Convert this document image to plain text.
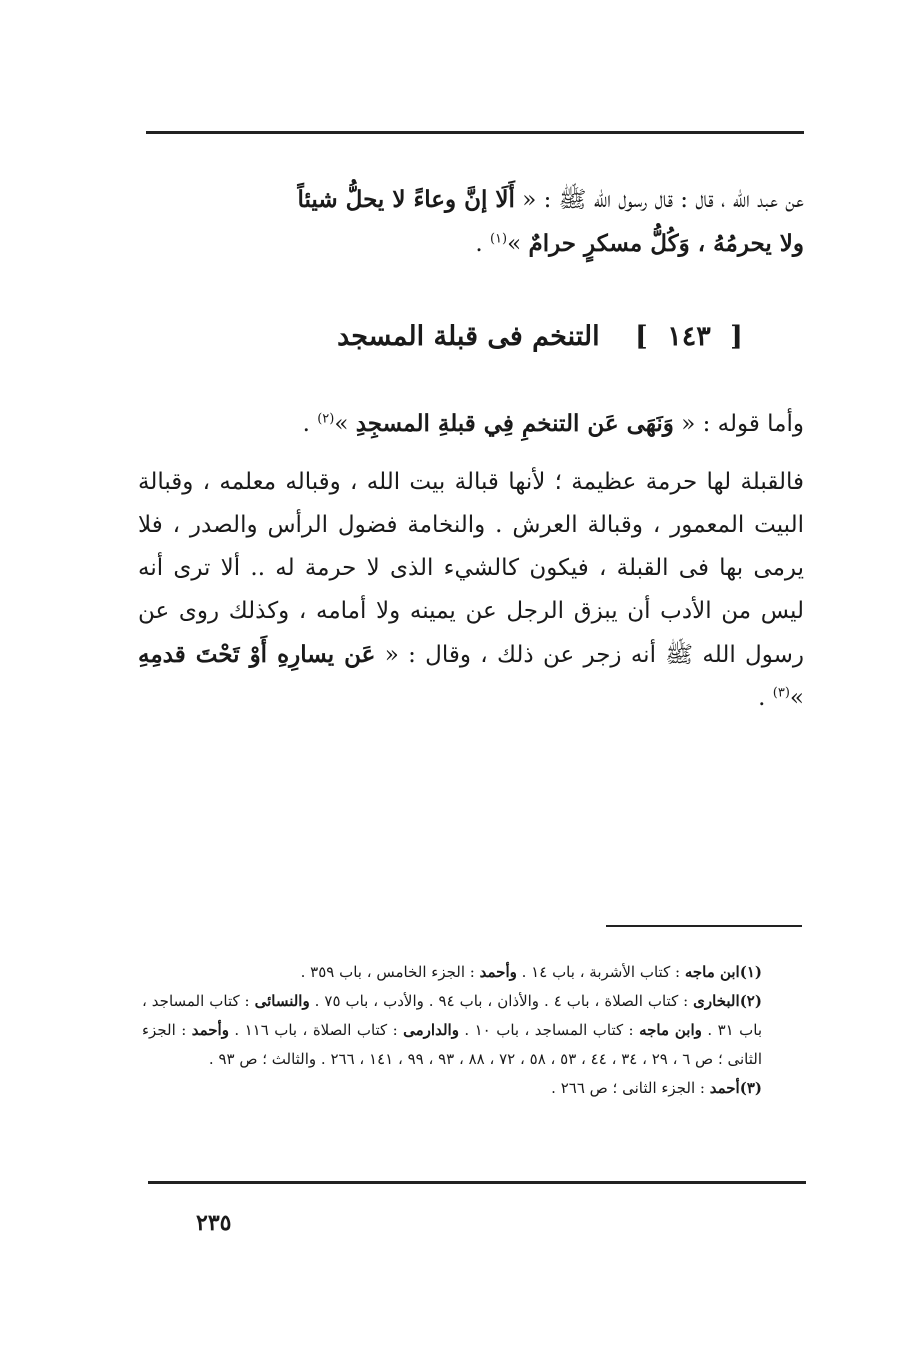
عن عبد الله ، قال : قال رسول الله ﷺ : « أَلَا إنَّ وعاءً لا يحلُّ شيئاً
ولا يحرمُهُ ، وَكُلُّ مسكرٍ حرامٌ »$^{(١)}$ .
[ ١٤٣ ] التنخم فى قبلة المسجد
وأما قوله : « وَنَهَى عَن التنخمِ فِي قبلةِ المسجِدِ »$^{(٢)}$ .
فالقبلة لها حرمة عظيمة ؛ لأنها قبالة بيت الله ، وقباله معلمه ، وقبالة البيت المعمور ، وقبالة العرش . والنخامة فضول الرأس والصدر ، فلا يرمى بها فى القبلة ، فيكون كالشيء الذى لا حرمة له .. ألا ترى أنه ليس من الأدب أن يبزق الرجل عن يمينه ولا أمامه ، وكذلك روى عن رسول الله ﷺ أنه زجر عن ذلك ، وقال : « عَن يسارِهِ أَوْ تَحْتَ قدمِهِ »$^{(٣)}$ .
(١)ابن ماجه : كتاب الأشربة ، باب ١٤ . وأحمد : الجزء الخامس ، باب ٣٥٩ .
(٢)البخارى : كتاب الصلاة ، باب ٤ . والأذان ، باب ٩٤ . والأدب ، باب ٧٥ . والنسائى : كتاب المساجد ، باب ٣١ . وابن ماجه : كتاب المساجد ، باب ١٠ . والدارمى : كتاب الصلاة ، باب ١١٦ . وأحمد : الجزء الثانى ؛ ص ٦ ، ٢٩ ، ٣٤ ، ٤٤ ، ٥٣ ، ٥٨ ، ٧٢ ، ٨٨ ، ٩٣ ، ٩٩ ، ١٤١ ، ٢٦٦ . والثالث ؛ ص ٩٣ .
(٣)أحمد : الجزء الثانى ؛ ص ٢٦٦ .
٢٣٥
